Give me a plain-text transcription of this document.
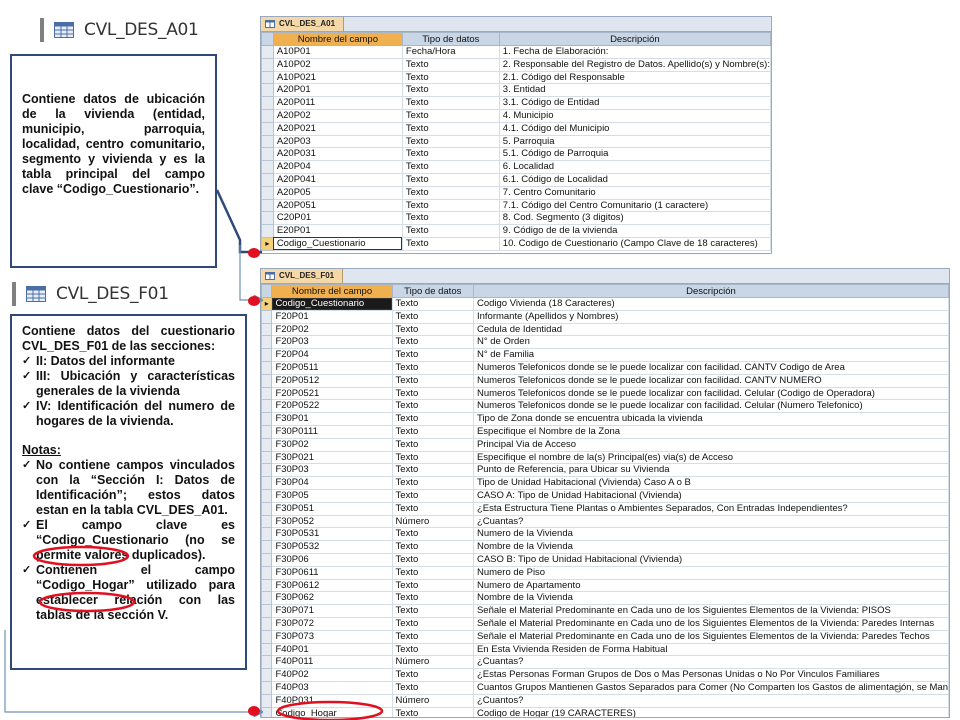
CVL_DES_A01
CVL_DES_F01
Contiene datos de ubicación de la vivienda (entidad, municipio, parroquia, localidad, centro comunitario, segmento y vivienda y es la tabla principal del campo clave “Codigo_Cuestionario”.
Contiene datos del cuestionario CVL_DES_F01 de las secciones:
✓ II: Datos del informante
✓ III: Ubicación y características generales de la vivienda
✓ IV: Identificación del numero de hogares de la vivienda.
Notas:
✓ No contiene campos vinculados con la “Sección I: Datos de Identificación”; estos datos estan en la tabla CVL_DES_A01.
✓ El campo clave es “Codigo_Cuestionario (no se permite valores duplicados).
✓ Contienen el campo “Codigo_Hogar” utilizado para establecer relación con las tablas de la sección V.
CVL_DES_A01
	Nombre del campo	Tipo de datos	Descripción
	A10P01	Fecha/Hora	1. Fecha de Elaboración:
	A10P02	Texto	2. Responsable del Registro de Datos. Apellido(s) y Nombre(s):
	A10P021	Texto	2.1. Código del Responsable
	A20P01	Texto	3. Entidad
	A20P011	Texto	3.1. Código de Entidad
	A20P02	Texto	4. Municipio
	A20P021	Texto	4.1. Código del Municipio
	A20P03	Texto	5. Parroquia
	A20P031	Texto	5.1. Código de Parroquia
	A20P04	Texto	6. Localidad
	A20P041	Texto	6.1. Código de Localidad
	A20P05	Texto	7. Centro Comunitario
	A20P051	Texto	7.1. Código del Centro Comunitario (1 caractere)
	C20P01	Texto	8. Cod. Segmento (3 digitos)
	E20P01	Texto	9. Código de de la vivienda
▸	Codigo_Cuestionario	Texto	10. Codigo de Cuestionario (Campo Clave de 18 caracteres)
CVL_DES_F01
	Nombre del campo	Tipo de datos	Descripción
▸	Codigo_Cuestionario	Texto	Codigo Vivienda (18 Caracteres)
	F20P01	Texto	Informante (Apellidos y Nombres)
	F20P02	Texto	Cedula de Identidad
	F20P03	Texto	N° de Orden
	F20P04	Texto	N° de Familia
	F20P0511	Texto	Numeros Telefonicos donde se le puede localizar con facilidad. CANTV Codigo de Area
	F20P0512	Texto	Numeros Telefonicos donde se le puede localizar con facilidad. CANTV NUMERO
	F20P0521	Texto	Numeros Telefonicos donde se le puede localizar con facilidad. Celular (Codigo de Operadora)
	F20P0522	Texto	Numeros Telefonicos donde se le puede localizar con facilidad. Celular (Numero Telefonico)
	F30P01	Texto	Tipo de Zona donde se encuentra ubicada la vivienda
	F30P0111	Texto	Especifique el Nombre de la Zona
	F30P02	Texto	Principal Via de Acceso
	F30P021	Texto	Especifique el nombre de la(s) Principal(es) via(s) de Acceso
	F30P03	Texto	Punto de Referencia, para Ubicar su Vivienda
	F30P04	Texto	Tipo de Unidad Habitacional (Vivienda) Caso A o B
	F30P05	Texto	CASO A: Tipo de Unidad Habitacional (Vivienda)
	F30P051	Texto	¿Esta Estructura Tiene Plantas o Ambientes Separados, Con Entradas Independientes?
	F30P052	Número	¿Cuantas?
	F30P0531	Texto	Numero de la Vivienda
	F30P0532	Texto	Nombre de la Vivienda
	F30P06	Texto	CASO B: Tipo de Unidad Habitacional (Vivienda)
	F30P0611	Texto	Numero de Piso
	F30P0612	Texto	Numero de Apartamento
	F30P062	Texto	Nombre de la Vivienda
	F30P071	Texto	Señale el Material Predominante en Cada uno de los Siguientes Elementos de la Vivienda: PISOS
	F30P072	Texto	Señale el Material Predominante en Cada uno de los Siguientes Elementos de la Vivienda: Paredes Internas
	F30P073	Texto	Señale el Material Predominante en Cada uno de los Siguientes Elementos de la Vivienda: Paredes Techos
	F40P01	Texto	En Esta Vivienda Residen de Forma Habitual
	F40P011	Número	¿Cuantas?
	F40P02	Texto	¿Estas Personas Forman Grupos de Dos o Mas Personas Unidas o No Por Vinculos Familiares
	F40P03	Texto	Cuantos Grupos Mantienen Gastos Separados para Comer (No Comparten los Gastos de alimentación, se Man
	F40P031	Número	¿Cuantos?
	Codigo_Hogar	Texto	Codigo de Hogar (19 CARACTERES)
